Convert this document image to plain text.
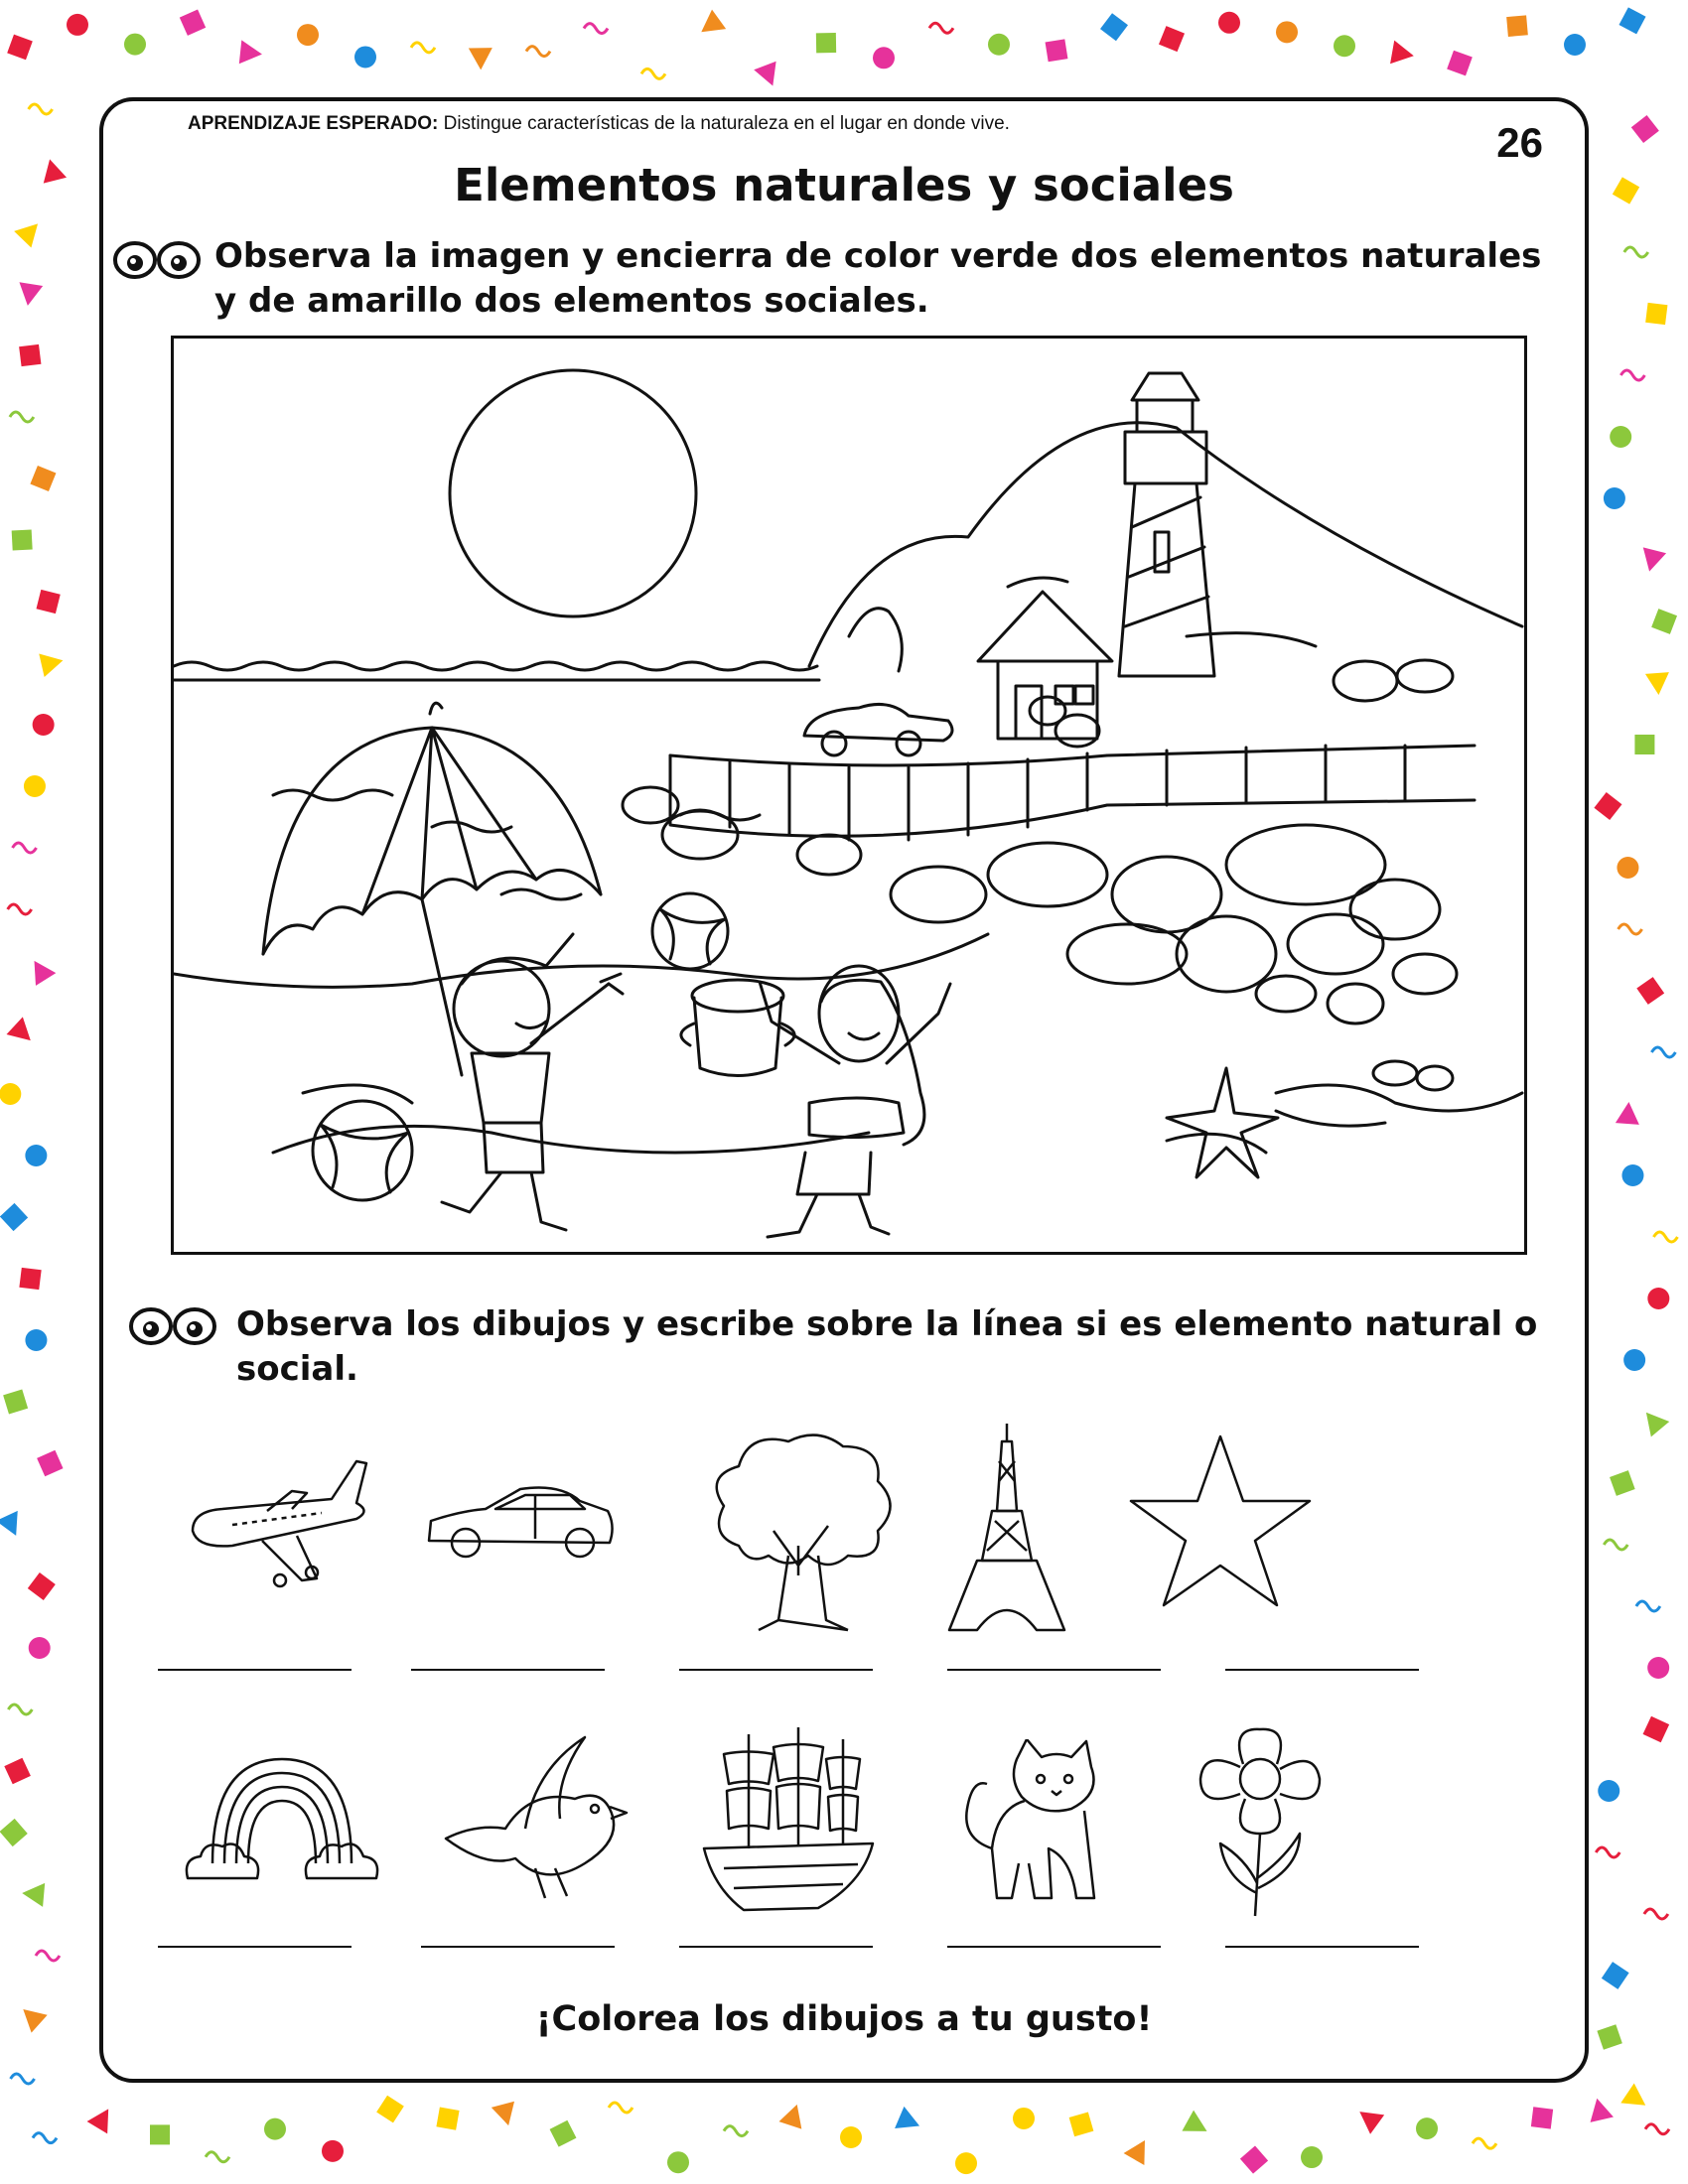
APRENDIZAJE ESPERADO: Distingue características de la naturaleza en el lugar en donde vive.	26
Elementos naturales y sociales
Observa la imagen y encierra de color verde dos elementos naturales y de amarillo dos elementos sociales.
Observa los dibujos y escribe sobre la línea si es elemento natural o social.
¡Colorea los dibujos a tu gusto!
